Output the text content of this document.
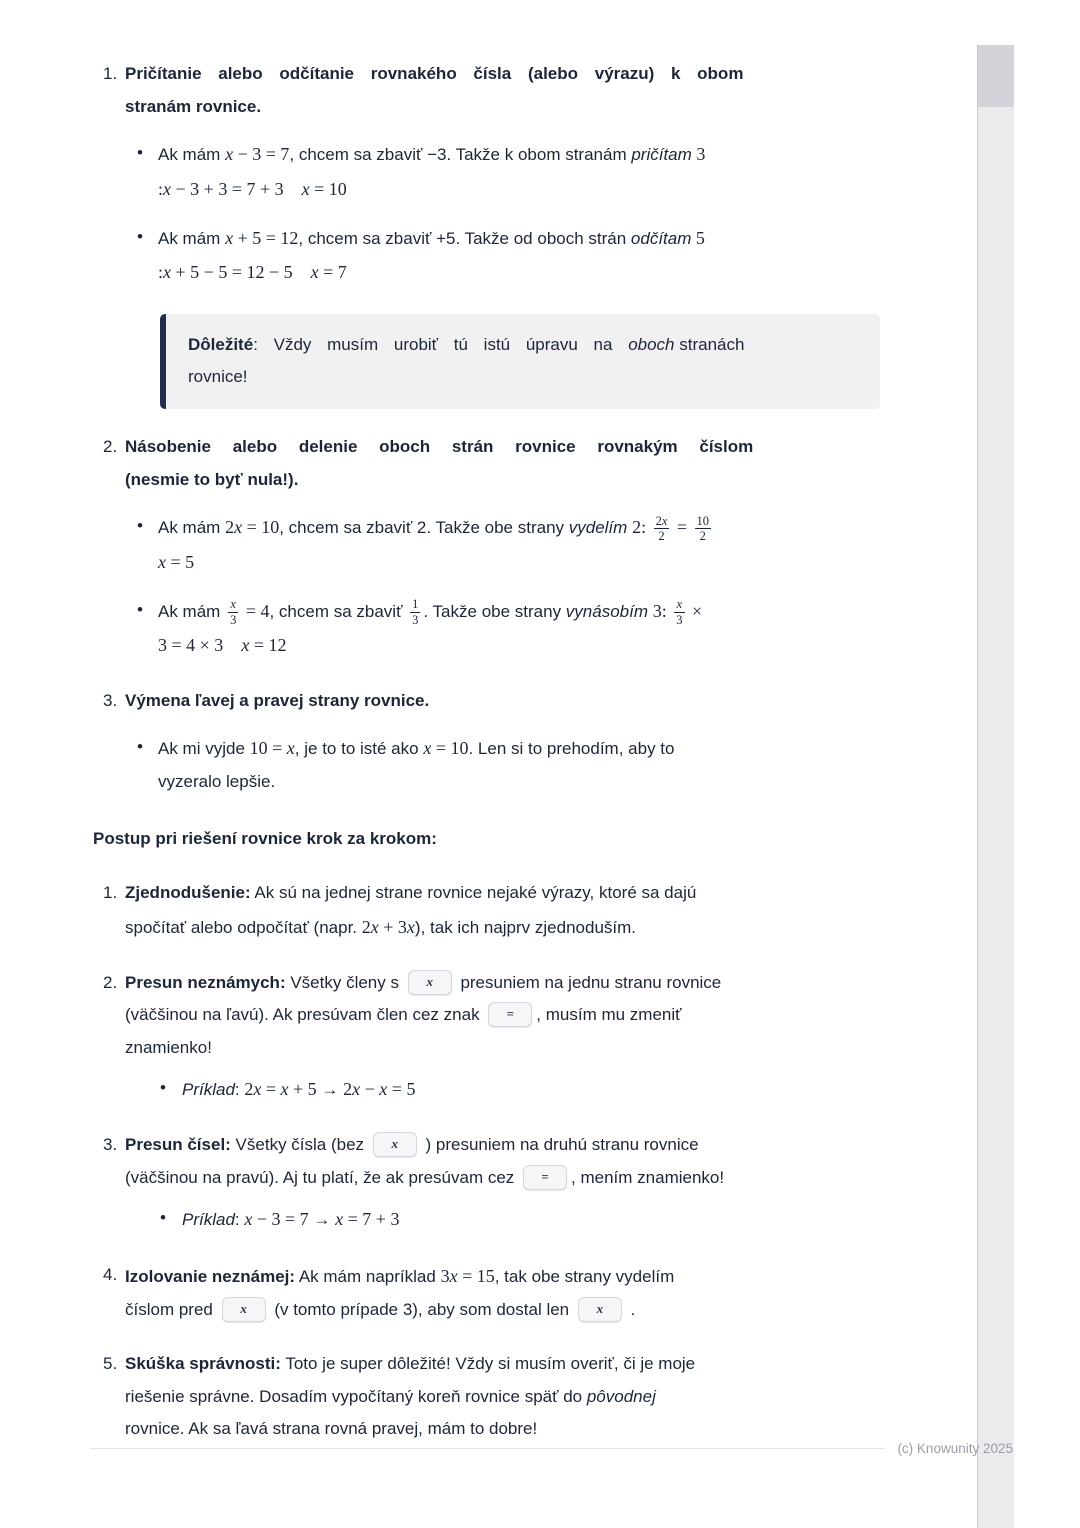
1. Pričítanie alebo odčítanie rovnakého čísla (alebo výrazu) k obom
stranám rovnice.
• Ak mám x − 3 = 7, chcem sa zbaviť −3. Takže k obom stranám pričítam 3
:x − 3 + 3 = 7 + 3  x = 10
• Ak mám x + 5 = 12, chcem sa zbaviť +5. Takže od oboch strán odčítam 5
:x + 5 − 5 = 12 − 5  x = 7
Dôležité: Vždy musím urobiť tú istú úpravu na oboch stranách
rovnice!
2. Násobenie alebo delenie oboch strán rovnice rovnakým číslom
(nesmie to byť nula!).
• Ak mám 2x = 10, chcem sa zbaviť 2. Takže obe strany vydelím 2: $\frac{2x}{2} = \frac{10}{2}$

x = 5
• Ak mám $\frac{x}{3} = 4$, chcem sa zbaviť $\frac{1}{3}$ . Takže obe strany vynásobím 3: $\frac{x}{3}$ ×
3 = 4 × 3  x = 12
3. Výmena ľavej a pravej strany rovnice.
• Ak mi vyjde 10 = x, je to to isté ako x = 10. Len si to prehodím, aby to
vyzeralo lepšie.
Postup pri riešení rovnice krok za krokom:
1. Zjednodušenie: Ak sú na jednej strane rovnice nejaké výrazy, ktoré sa dajú
spočítať alebo odpočítať (napr. 2x + 3x), tak ich najprv zjednoduším.
2. Presun neznámych: Všetky členy s x presuniem na jednu stranu rovnice
(väčšinou na ľavú). Ak presúvam člen cez znak = , musím mu zmeniť
znamienko!
• Príklad: 2x = x + 5 → 2x − x = 5
3. Presun čísel: Všetky čísla (bez x ) presuniem na druhú stranu rovnice
(väčšinou na pravú). Aj tu platí, že ak presúvam cez = , mením znamienko!
• Príklad: x − 3 = 7 → x = 7 + 3
4. Izolovanie neznámej: Ak mám napríklad 3x = 15, tak obe strany vydelím
číslom pred x (v tomto prípade 3), aby som dostal len x .
5. Skúška správnosti: Toto je super dôležité! Vždy si musím overiť, či je moje
riešenie správne. Dosadím vypočítaný koreň rovnice späť do pôvodnej
rovnice. Ak sa ľavá strana rovná pravej, mám to dobre!
(c) Knowunity 2025
